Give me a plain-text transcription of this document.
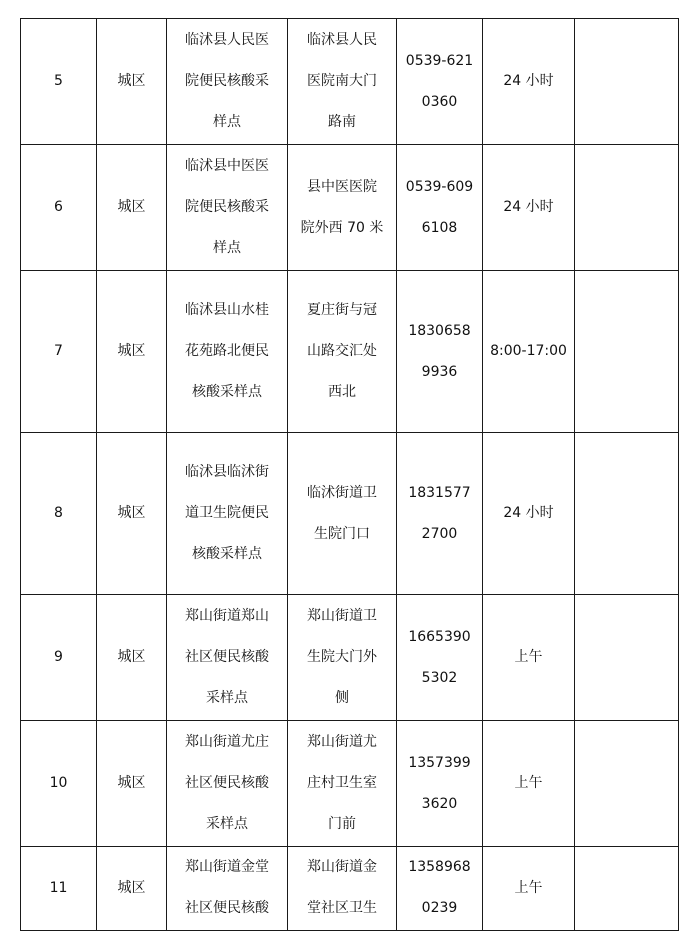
5	城区	临沭县人民医
院便民核酸采
样点	临沭县人民
医院南大门
路南	0539-621
0360	24 小时	
6	城区	临沭县中医医
院便民核酸采
样点	县中医医院
院外西 70 米	0539-609
6108	24 小时	
7	城区	临沭县山水桂
花苑路北便民
核酸采样点	夏庄街与冠
山路交汇处
西北	1830658
9936	8:00-17:00	
8	城区	临沭县临沭街
道卫生院便民
核酸采样点	临沭街道卫
生院门口	1831577
2700	24 小时	
9	城区	郑山街道郑山
社区便民核酸
采样点	郑山街道卫
生院大门外
侧	1665390
5302	上午	
10	城区	郑山街道尤庄
社区便民核酸
采样点	郑山街道尤
庄村卫生室
门前	1357399
3620	上午	
11	城区	郑山街道金堂
社区便民核酸	郑山街道金
堂社区卫生	1358968
0239	上午	
